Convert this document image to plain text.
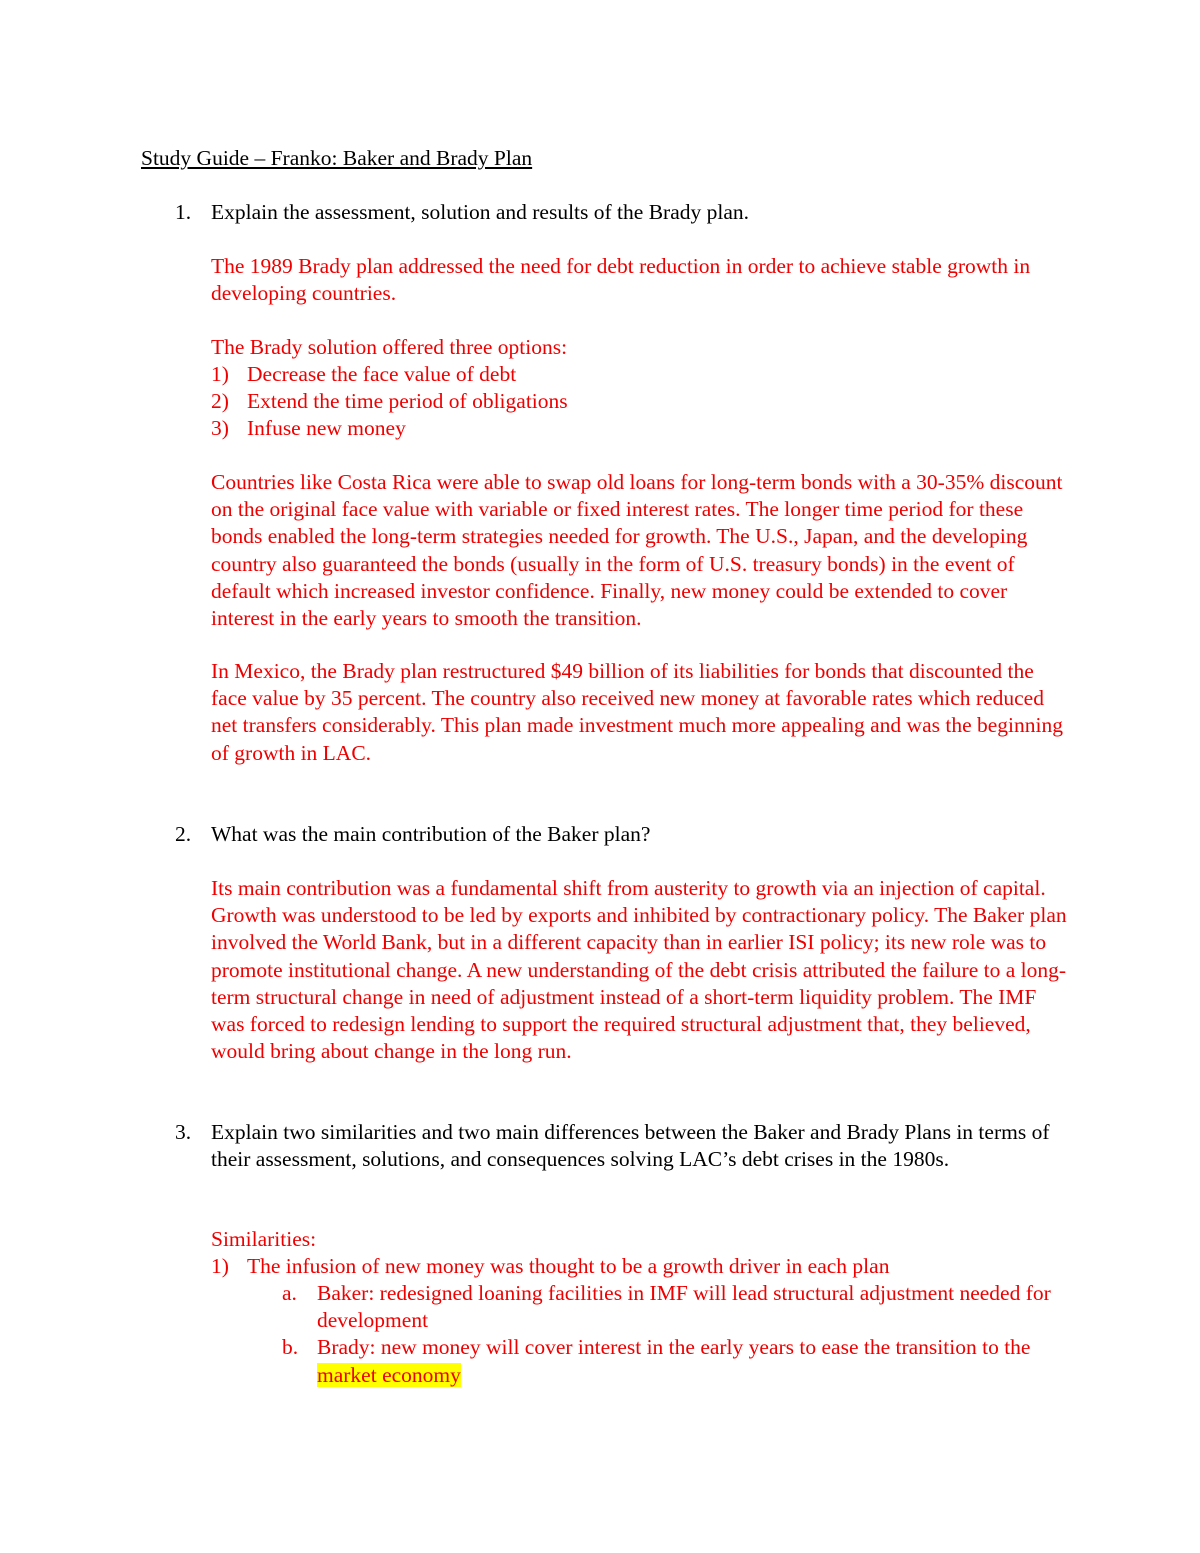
Study Guide – Franko: Baker and Brady Plan
1. Explain the assessment, solution and results of the Brady plan.

The 1989 Brady plan addressed the need for debt reduction in order to achieve stable growth in developing countries.

The Brady solution offered three options:

1) Decrease the face value of debt
2) Extend the time period of obligations
3) Infuse new money

Countries like Costa Rica were able to swap old loans for long-term bonds with a 30-35% discount on the original face value with variable or fixed interest rates. The longer time period for these bonds enabled the long-term strategies needed for growth. The U.S., Japan, and the developing country also guaranteed the bonds (usually in the form of U.S. treasury bonds) in the event of default which increased investor confidence. Finally, new money could be extended to cover interest in the early years to smooth the transition.

In Mexico, the Brady plan restructured $49 billion of its liabilities for bonds that discounted the face value by 35 percent. The country also received new money at favorable rates which reduced net transfers considerably. This plan made investment much more appealing and was the beginning of growth in LAC.

2. What was the main contribution of the Baker plan?

Its main contribution was a fundamental shift from austerity to growth via an injection of capital. Growth was understood to be led by exports and inhibited by contractionary policy. The Baker plan involved the World Bank, but in a different capacity than in earlier ISI policy; its new role was to promote institutional change. A new understanding of the debt crisis attributed the failure to a long-term structural change in need of adjustment instead of a short-term liquidity problem. The IMF was forced to redesign lending to support the required structural adjustment that, they believed, would bring about change in the long run.

3. Explain two similarities and two main differences between the Baker and Brady Plans in terms of their assessment, solutions, and consequences solving LAC’s debt crises in the 1980s.

Similarities:

1) The infusion of new money was thought to be a growth driver in each plan
a. Baker: redesigned loaning facilities in IMF will lead structural adjustment needed for development
b. Brady: new money will cover interest in the early years to ease the transition to the market economy
